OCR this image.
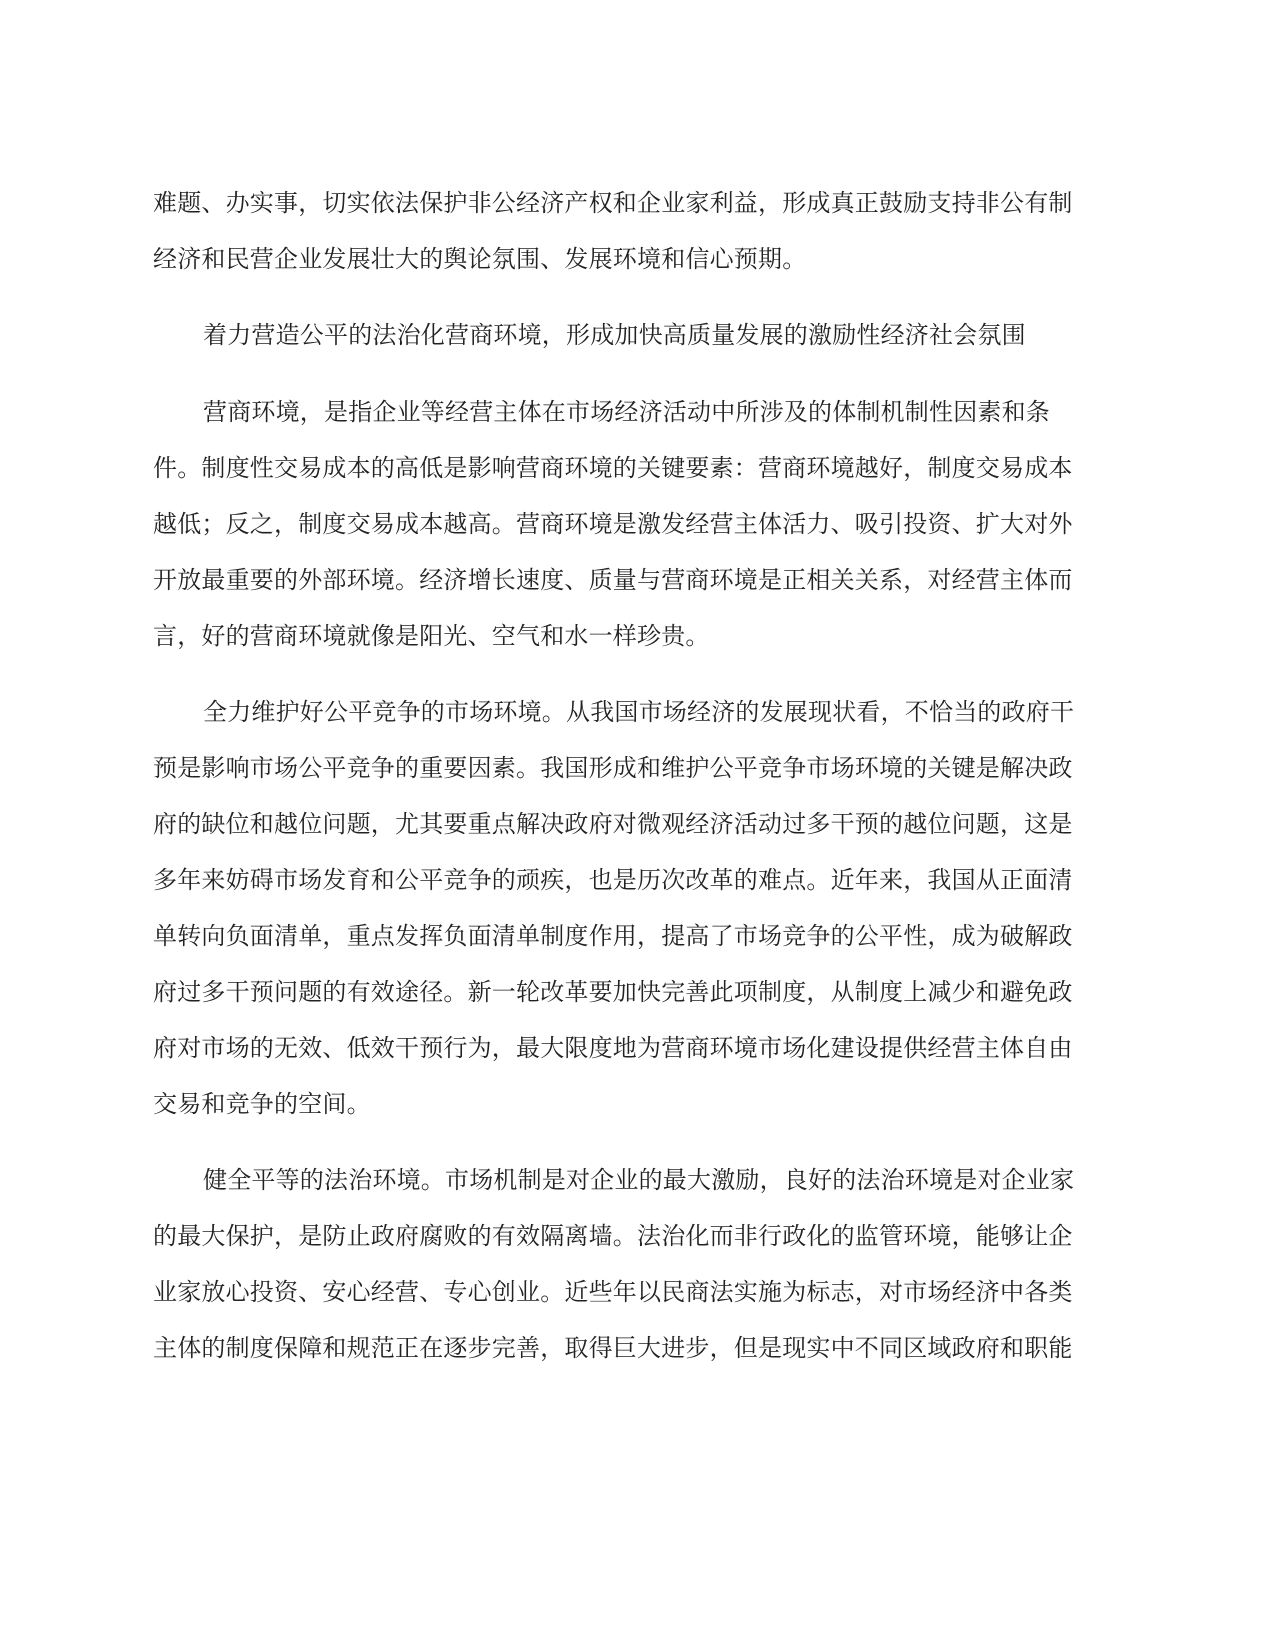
难题、办实事，切实依法保护非公经济产权和企业家利益，形成真正鼓励支持非公有制
经济和民营企业发展壮大的舆论氛围、发展环境和信心预期。
着力营造公平的法治化营商环境，形成加快高质量发展的激励性经济社会氛围
营商环境，是指企业等经营主体在市场经济活动中所涉及的体制机制性因素和条
件。制度性交易成本的高低是影响营商环境的关键要素：营商环境越好，制度交易成本
越低；反之，制度交易成本越高。营商环境是激发经营主体活力、吸引投资、扩大对外
开放最重要的外部环境。经济增长速度、质量与营商环境是正相关关系，对经营主体而
言，好的营商环境就像是阳光、空气和水一样珍贵。
全力维护好公平竞争的市场环境。从我国市场经济的发展现状看，不恰当的政府干
预是影响市场公平竞争的重要因素。我国形成和维护公平竞争市场环境的关键是解决政
府的缺位和越位问题，尤其要重点解决政府对微观经济活动过多干预的越位问题，这是
多年来妨碍市场发育和公平竞争的顽疾，也是历次改革的难点。近年来，我国从正面清
单转向负面清单，重点发挥负面清单制度作用，提高了市场竞争的公平性，成为破解政
府过多干预问题的有效途径。新一轮改革要加快完善此项制度，从制度上减少和避免政
府对市场的无效、低效干预行为，最大限度地为营商环境市场化建设提供经营主体自由
交易和竞争的空间。
健全平等的法治环境。市场机制是对企业的最大激励，良好的法治环境是对企业家
的最大保护，是防止政府腐败的有效隔离墙。法治化而非行政化的监管环境，能够让企
业家放心投资、安心经营、专心创业。近些年以民商法实施为标志，对市场经济中各类
主体的制度保障和规范正在逐步完善，取得巨大进步，但是现实中不同区域政府和职能
